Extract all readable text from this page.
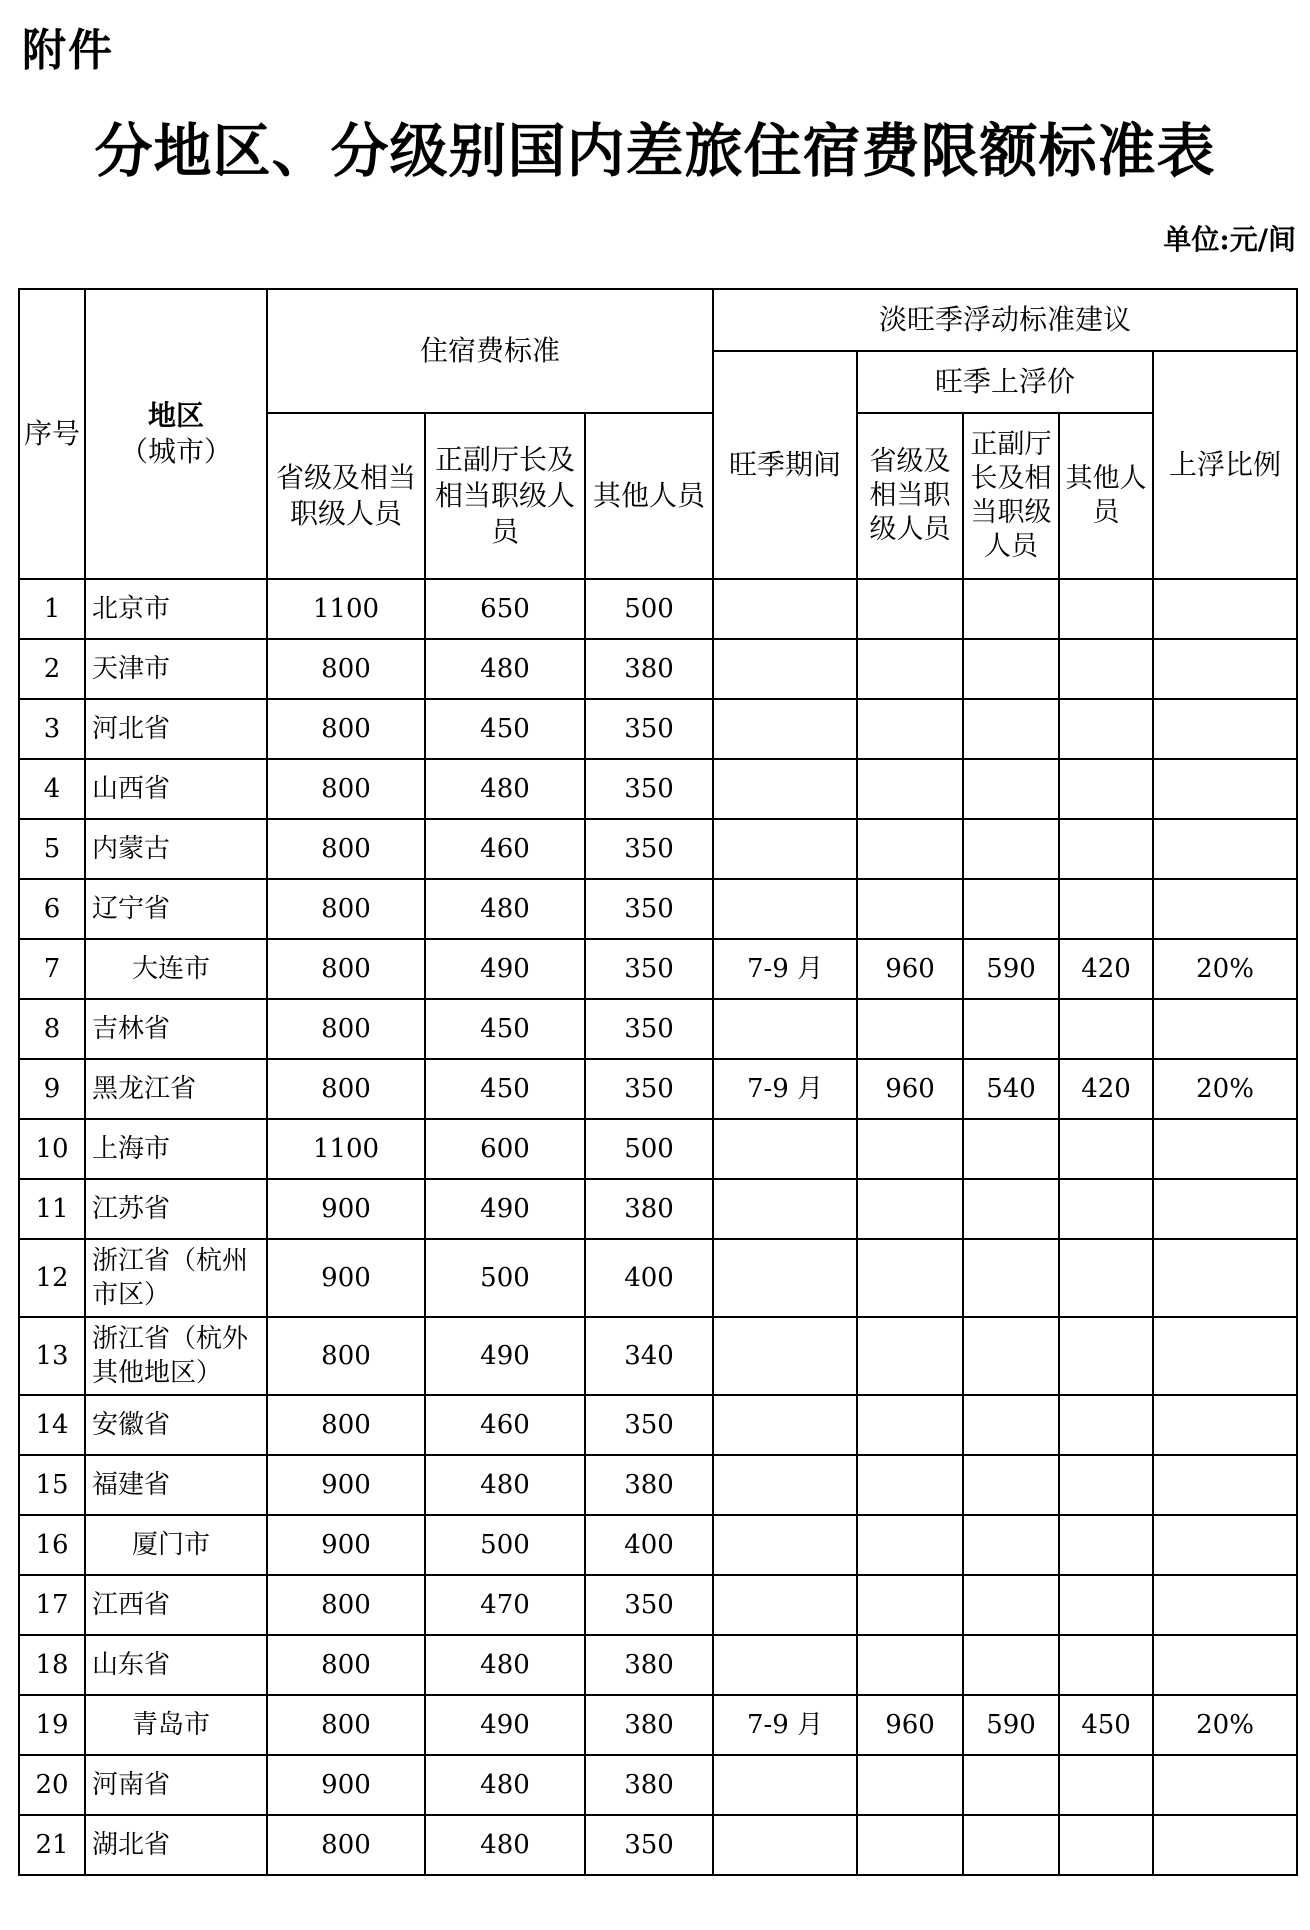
附件
分地区、分级别国内差旅住宿费限额标准表
单位:元/间
序号	地区
（城市）	住宿费标准			淡旺季浮动标准建议				
					旺季期间	旺季上浮价			上浮比例
		省级及相当职级人员	正副厅长及相当职级人员	其他人员		省级及相当职级人员	正副厅长及相当职级人员	其他人员	

1	北京市	1100	650	500					
2	天津市	800	480	380					
3	河北省	800	450	350					
4	山西省	800	480	350					
5	内蒙古	800	460	350					
6	辽宁省	800	480	350					
7	大连市	800	490	350	7-9 月	960	590	420	20%
8	吉林省	800	450	350					
9	黑龙江省	800	450	350	7-9 月	960	540	420	20%
10	上海市	1100	600	500					
11	江苏省	900	490	380					
12	浙江省（杭州市区）	900	500	400					
13	浙江省（杭外其他地区）	800	490	340					
14	安徽省	800	460	350					
15	福建省	900	480	380					
16	厦门市	900	500	400					
17	江西省	800	470	350					
18	山东省	800	480	380					
19	青岛市	800	490	380	7-9 月	960	590	450	20%
20	河南省	900	480	380					
21	湖北省	800	480	350					
